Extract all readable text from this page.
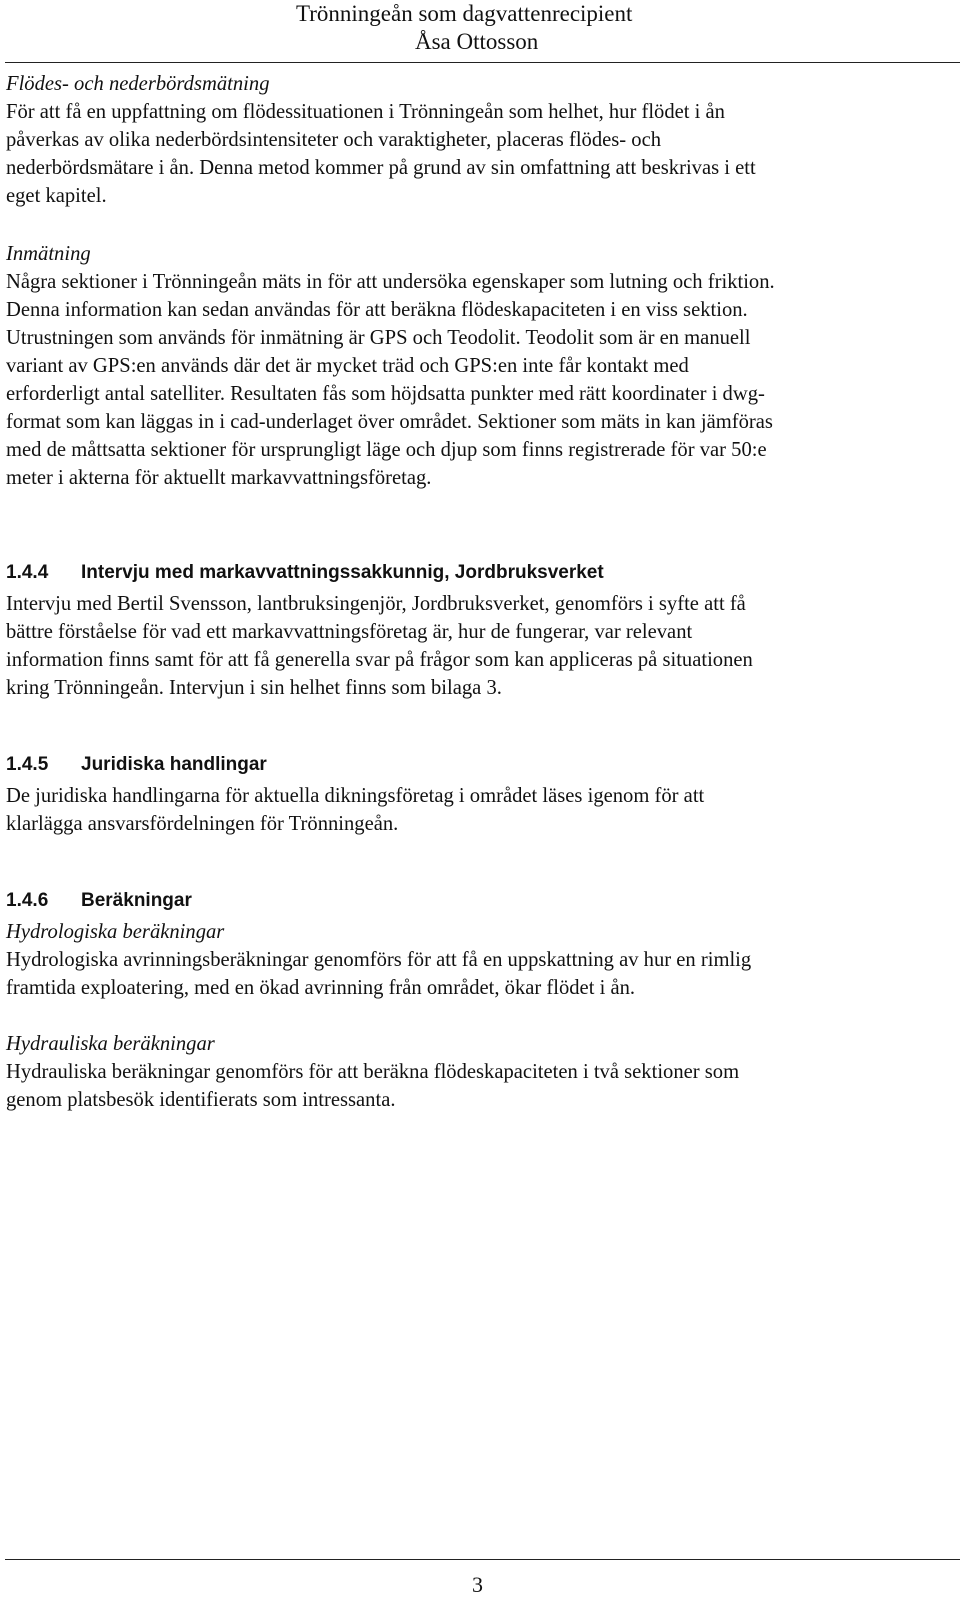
Trönningeån som dagvattenrecipient
Åsa Ottosson
Flödes- och nederbördsmätning
För att få en uppfattning om flödessituationen i Trönningeån som helhet, hur flödet i ån
påverkas av olika nederbördsintensiteter och varaktigheter, placeras flödes- och
nederbördsmätare i ån. Denna metod kommer på grund av sin omfattning att beskrivas i ett
eget kapitel.
Inmätning
Några sektioner i Trönningeån mäts in för att undersöka egenskaper som lutning och friktion.
Denna information kan sedan användas för att beräkna flödeskapaciteten i en viss sektion.
Utrustningen som används för inmätning är GPS och Teodolit. Teodolit som är en manuell
variant av GPS:en används där det är mycket träd och GPS:en inte får kontakt med
erforderligt antal satelliter. Resultaten fås som höjdsatta punkter med rätt koordinater i dwg-
format som kan läggas in i cad-underlaget över området. Sektioner som mäts in kan jämföras
med de måttsatta sektioner för ursprungligt läge och djup som finns registrerade för var 50:e
meter i akterna för aktuellt markavvattningsföretag.
1.4.4 Intervju med markavvattningssakkunnig, Jordbruksverket
Intervju med Bertil Svensson, lantbruksingenjör, Jordbruksverket, genomförs i syfte att få
bättre förståelse för vad ett markavvattningsföretag är, hur de fungerar, var relevant
information finns samt för att få generella svar på frågor som kan appliceras på situationen
kring Trönningeån. Intervjun i sin helhet finns som bilaga 3.
1.4.5 Juridiska handlingar
De juridiska handlingarna för aktuella dikningsföretag i området läses igenom för att
klarlägga ansvarsfördelningen för Trönningeån.
1.4.6 Beräkningar
Hydrologiska beräkningar
Hydrologiska avrinningsberäkningar genomförs för att få en uppskattning av hur en rimlig
framtida exploatering, med en ökad avrinning från området, ökar flödet i ån.
Hydrauliska beräkningar
Hydrauliska beräkningar genomförs för att beräkna flödeskapaciteten i två sektioner som
genom platsbesök identifierats som intressanta.
3
